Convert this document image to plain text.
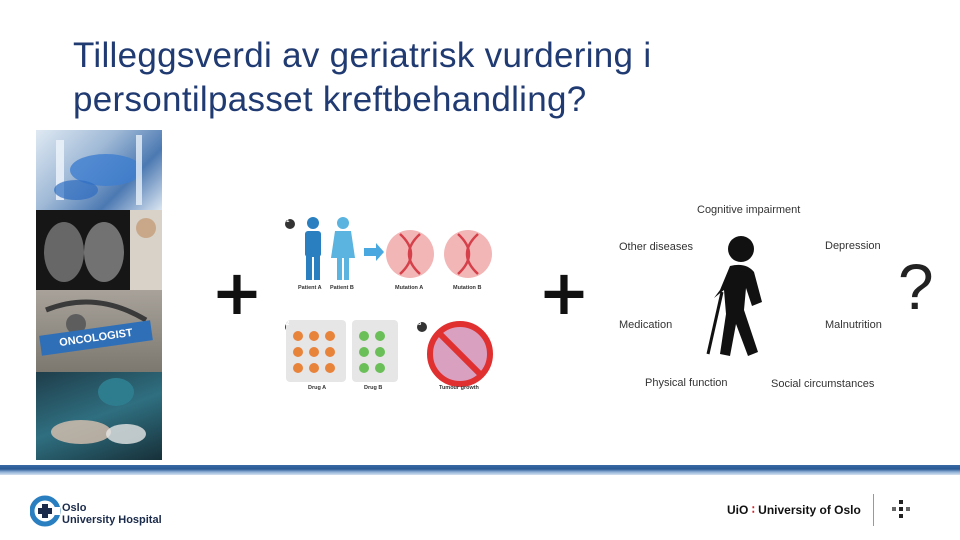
Tilleggsverdi av geriatrisk vurdering i
persontilpasset kreftbehandling?
ONCOLOGIST
+	+
1
2	3
Patient A Patient B	Mutation A	Mutation B
Drug A	Drug B	Tumour growth
Cognitive impairment
Other diseases	Depression
Medication	Malnutrition
Physical function	Social circumstances
?
Oslo
University Hospital
UiO ∶ University of Oslo
